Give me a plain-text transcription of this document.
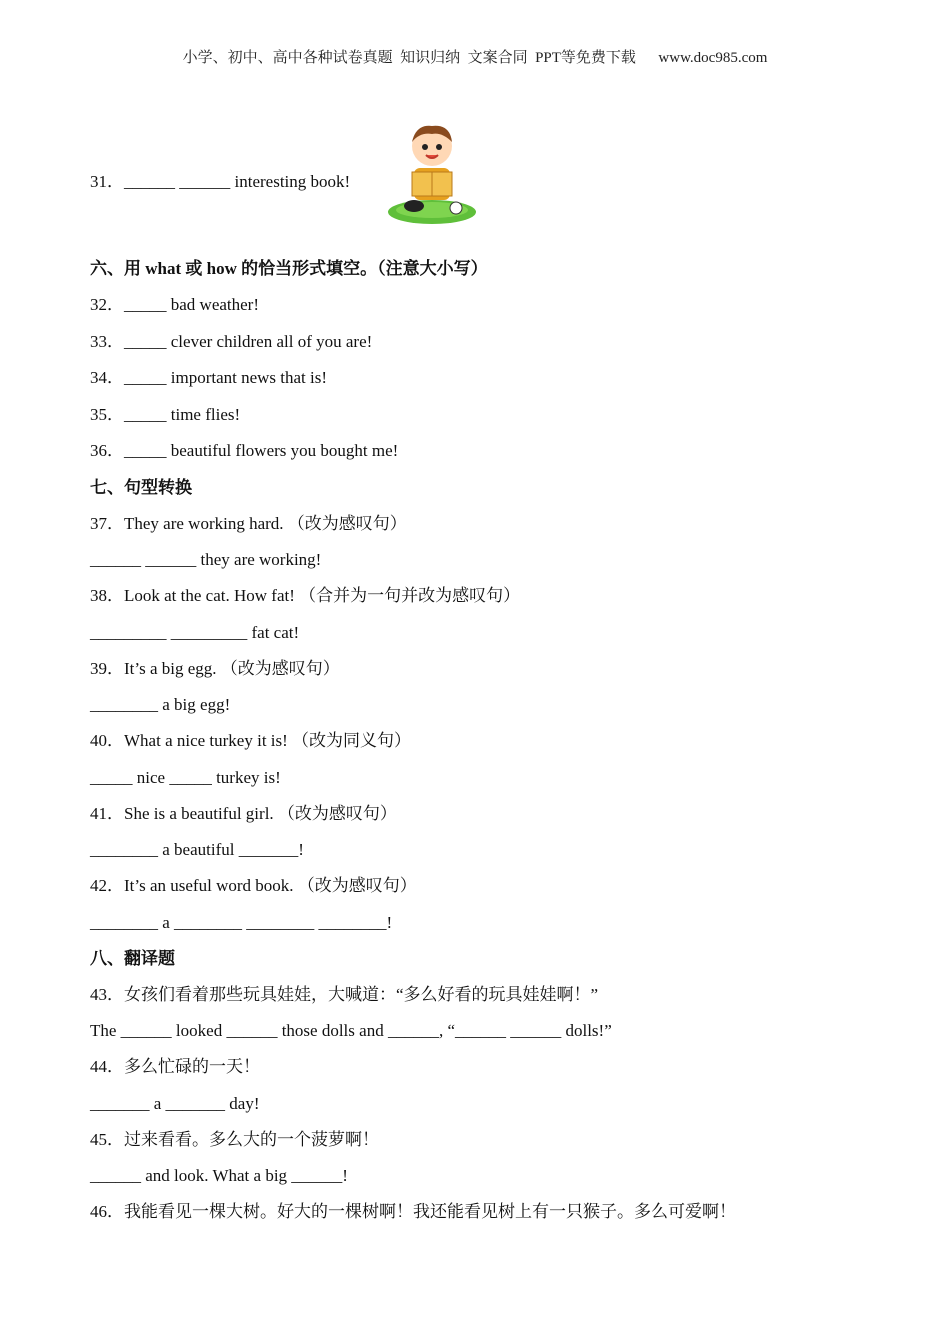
小学、初中、高中各种试卷真题  知识归纳  文案合同  PPT等免费下载      www.doc985.com
31．______ ______ interesting book!
六、用 what 或 how 的恰当形式填空。（注意大小写）
32．_____ bad weather!
33．_____ clever children all of you are!
34．_____ important news that is!
35．_____ time flies!
36．_____ beautiful flowers you bought me!
七、句型转换
37．They are working hard. （改为感叹句）
______ ______ they are working!
38．Look at the cat. How fat! （合并为一句并改为感叹句）
_________ _________ fat cat!
39．It’s a big egg. （改为感叹句）
________ a big egg!
40．What a nice turkey it is! （改为同义句）
_____ nice _____ turkey is!
41．She is a beautiful girl. （改为感叹句）
________ a beautiful _______!
42．It’s an useful word book. （改为感叹句）
________ a ________ ________ ________!
八、翻译题
43．女孩们看着那些玩具娃娃，大喊道：“多么好看的玩具娃娃啊！”
The ______ looked ______ those dolls and ______, “______ ______ dolls!”
44．多么忙碌的一天！
_______ a _______ day!
45．过来看看。多么大的一个菠萝啊！
______ and look. What a big ______!
46．我能看见一棵大树。好大的一棵树啊！我还能看见树上有一只猴子。多么可爱啊！
